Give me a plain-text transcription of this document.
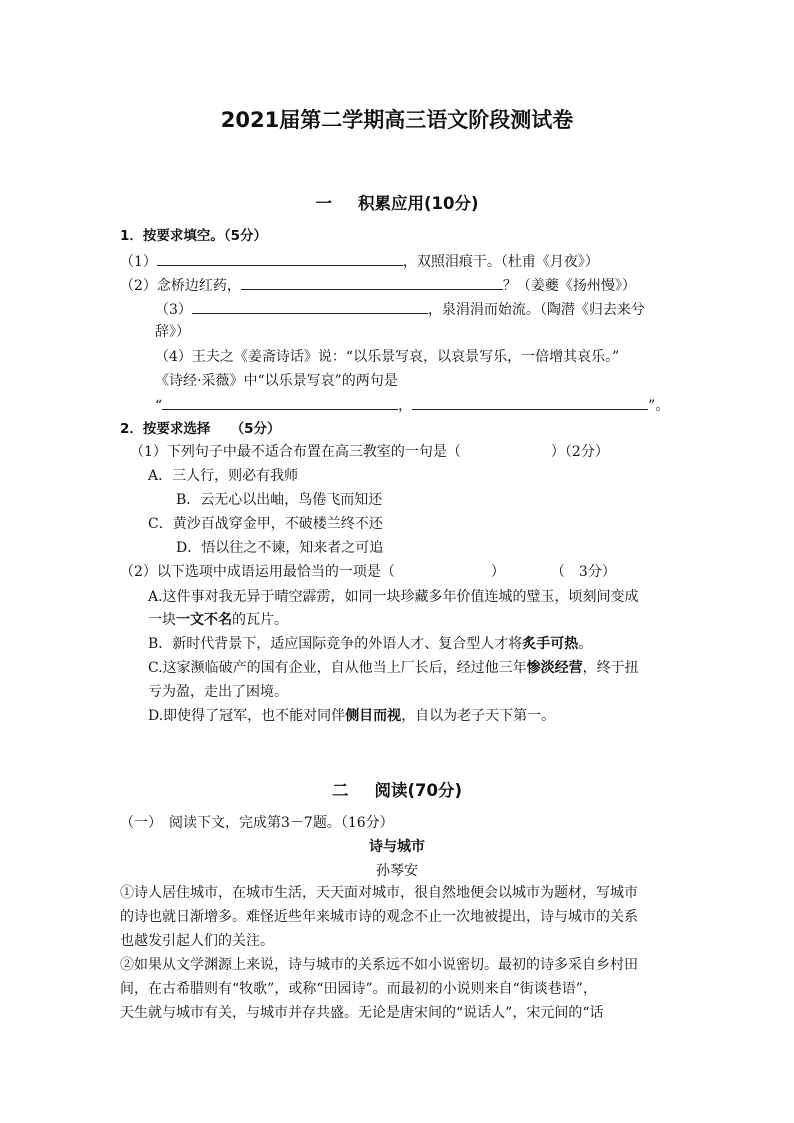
2021届第二学期高三语文阶段测试卷
一 积累应用(10分)
1．按要求填空。（5分）
（1）	，双照泪痕干。（杜甫《月夜》）
（2）念桥边红药，	？（姜夔《扬州慢》）
（3）	，泉涓涓而始流。（陶潜《归去来兮
辞》）
（4）王夫之《姜斋诗话》说：“以乐景写哀，以哀景写乐，一倍增其哀乐。”
《诗经·采薇》中“以乐景写哀”的两句是
“	，	”。
2．按要求选择　　（5分）
（1）下列句子中最不适合布置在高三教室的一句是（	）（2分）
A．三人行，则必有我师
B．云无心以出岫，鸟倦飞而知还
C．黄沙百战穿金甲，不破楼兰终不还
D．悟以往之不谏，知来者之可追
（2）以下选项中成语运用最恰当的一项是（	）	（　3分）
A.这件事对我无异于晴空霹雳，如同一块珍藏多年价值连城的璧玉，顷刻间变成
一块一文不名的瓦片。
B．新时代背景下，适应国际竞争的外语人才、复合型人才将炙手可热。
C.这家濒临破产的国有企业，自从他当上厂长后，经过他三年惨淡经营，终于扭
亏为盈，走出了困境。
D.即使得了冠军，也不能对同伴侧目而视，自以为老子天下第一。
二 阅读(70分)
（一）　阅读下文，完成第3－7题。（16分）
诗与城市
孙琴安
①诗人居住城市，在城市生活，天天面对城市，很自然地便会以城市为题材，写城市
的诗也就日渐增多。难怪近些年来城市诗的观念不止一次地被提出，诗与城市的关系
也越发引起人们的关注。
②如果从文学渊源上来说，诗与城市的关系远不如小说密切。最初的诗多采自乡村田
间，在古希腊则有“牧歌”，或称“田园诗”。而最初的小说则来自“街谈巷语”，
天生就与城市有关，与城市并存共盛。无论是唐宋间的“说话人”，宋元间的“话
